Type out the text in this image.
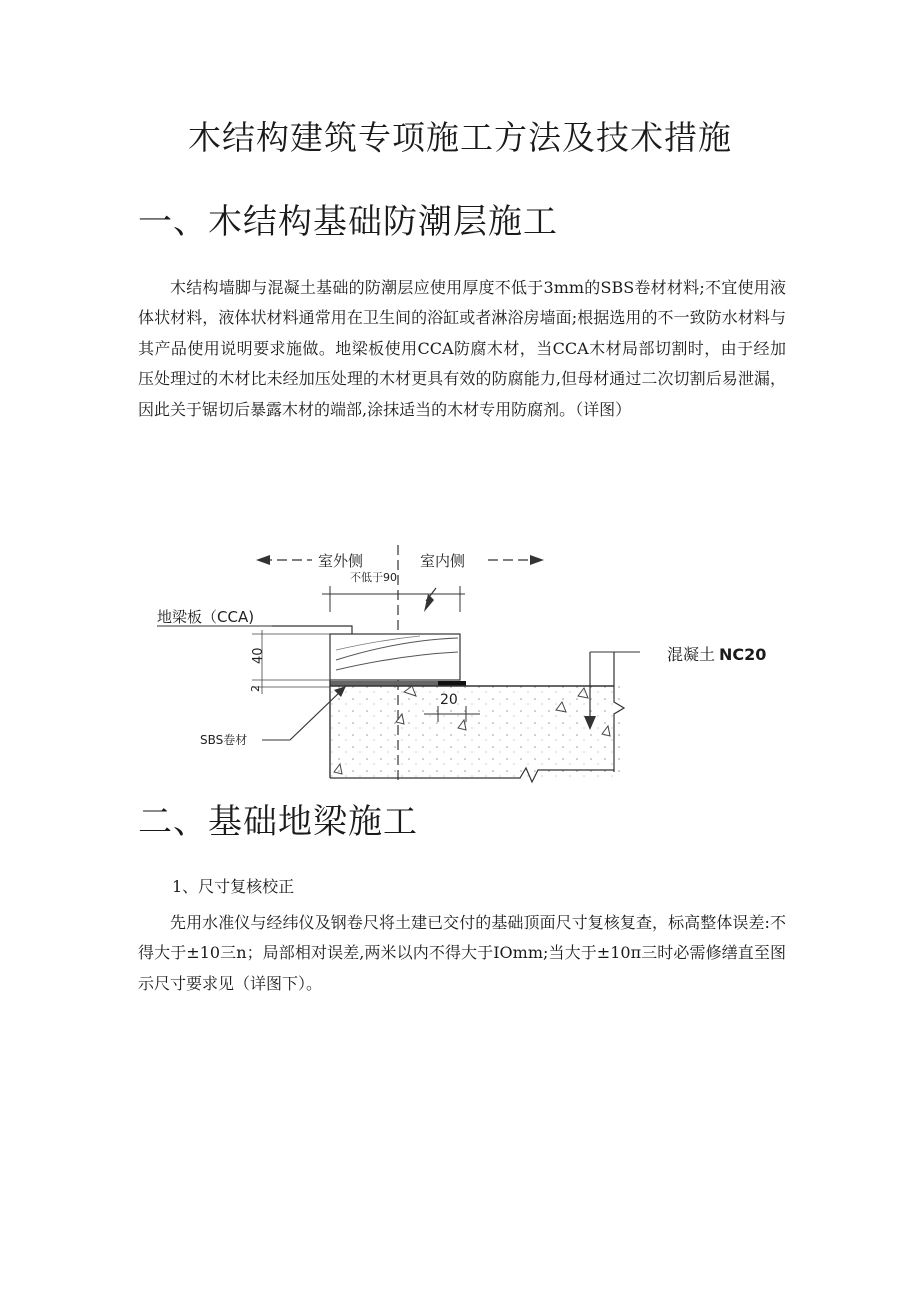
木结构建筑专项施工方法及技术措施
一、木结构基础防潮层施工
木结构墙脚与混凝土基础的防潮层应使用厚度不低于3mm的SBS卷材材料;不宜使用液体状材料，液体状材料通常用在卫生间的浴缸或者淋浴房墙面;根据选用的不一致防水材料与其产品使用说明要求施做。地梁板使用CCA防腐木材，当CCA木材局部切割时，由于经加压处理过的木材比未经加压处理的木材更具有效的防腐能力,但母材通过二次切割后易泄漏，因此关于锯切后暴露木材的端部,涂抹适当的木材专用防腐剂。（详图）
室外侧	室内侧
不低于90
地梁板（CCA)
40
2
20
SBS卷材
混凝土 NC20
二、基础地梁施工
1、尺寸复核校正
先用水准仪与经纬仪及钢卷尺将土建已交付的基础顶面尺寸复核复查，标高整体误差:不得大于±10三n；局部相对误差,两米以内不得大于IOmm;当大于±10π三时必需修缮直至图示尺寸要求见（详图下）。
